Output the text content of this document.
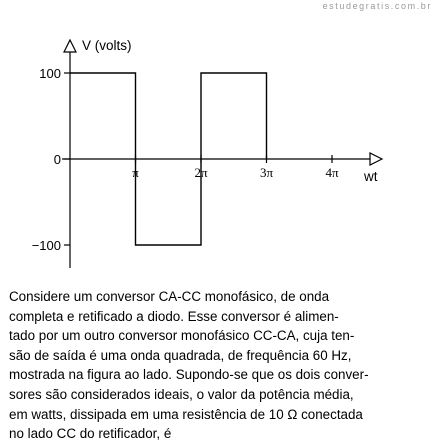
estudegratis.com.br
V (volts)
wt
π	2π	3π	4π
100
0
−100
Considere um conversor CA-CC monofásico, de onda
completa e retificado a diodo. Esse conversor é alimen-
tado por um outro conversor monofásico CC-CA, cuja ten-
são de saída é uma onda quadrada, de frequência 60 Hz,
mostrada na figura ao lado. Supondo-se que os dois conver-
sores são considerados ideais, o valor da potência média,
em watts, dissipada em uma resistência de 10 Ω conectada
no lado CC do retificador, é
